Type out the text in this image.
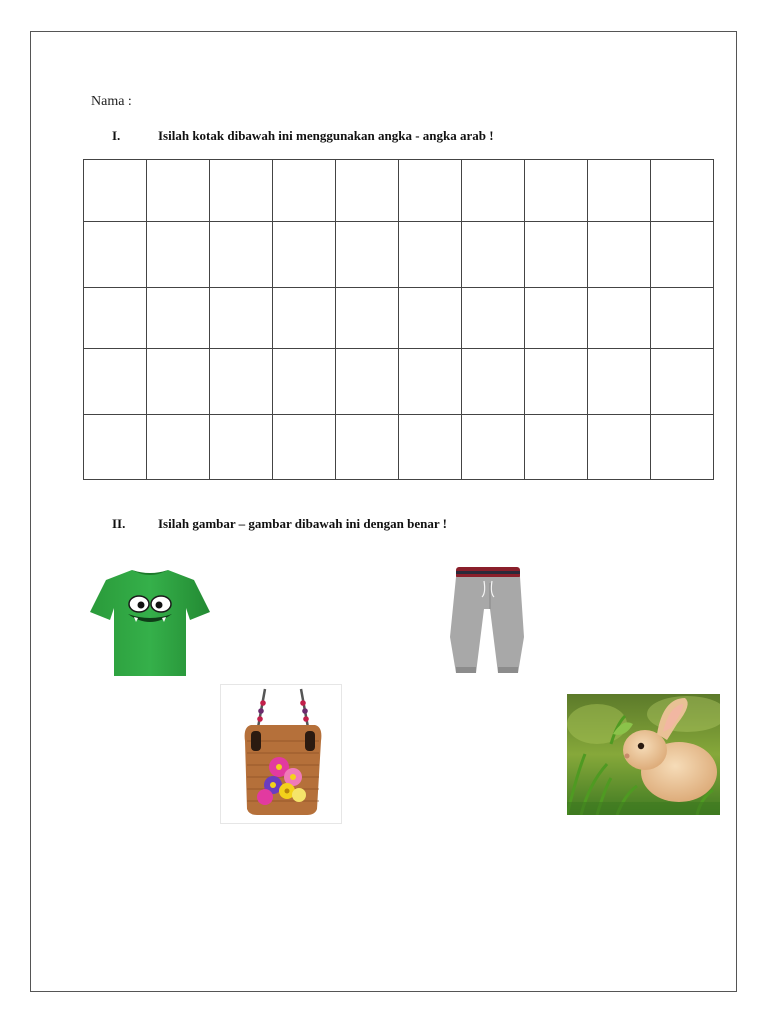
Nama :
I.	Isilah kotak dibawah ini menggunakan angka - angka arab !

II.	Isilah gambar – gambar dibawah ini dengan benar !
